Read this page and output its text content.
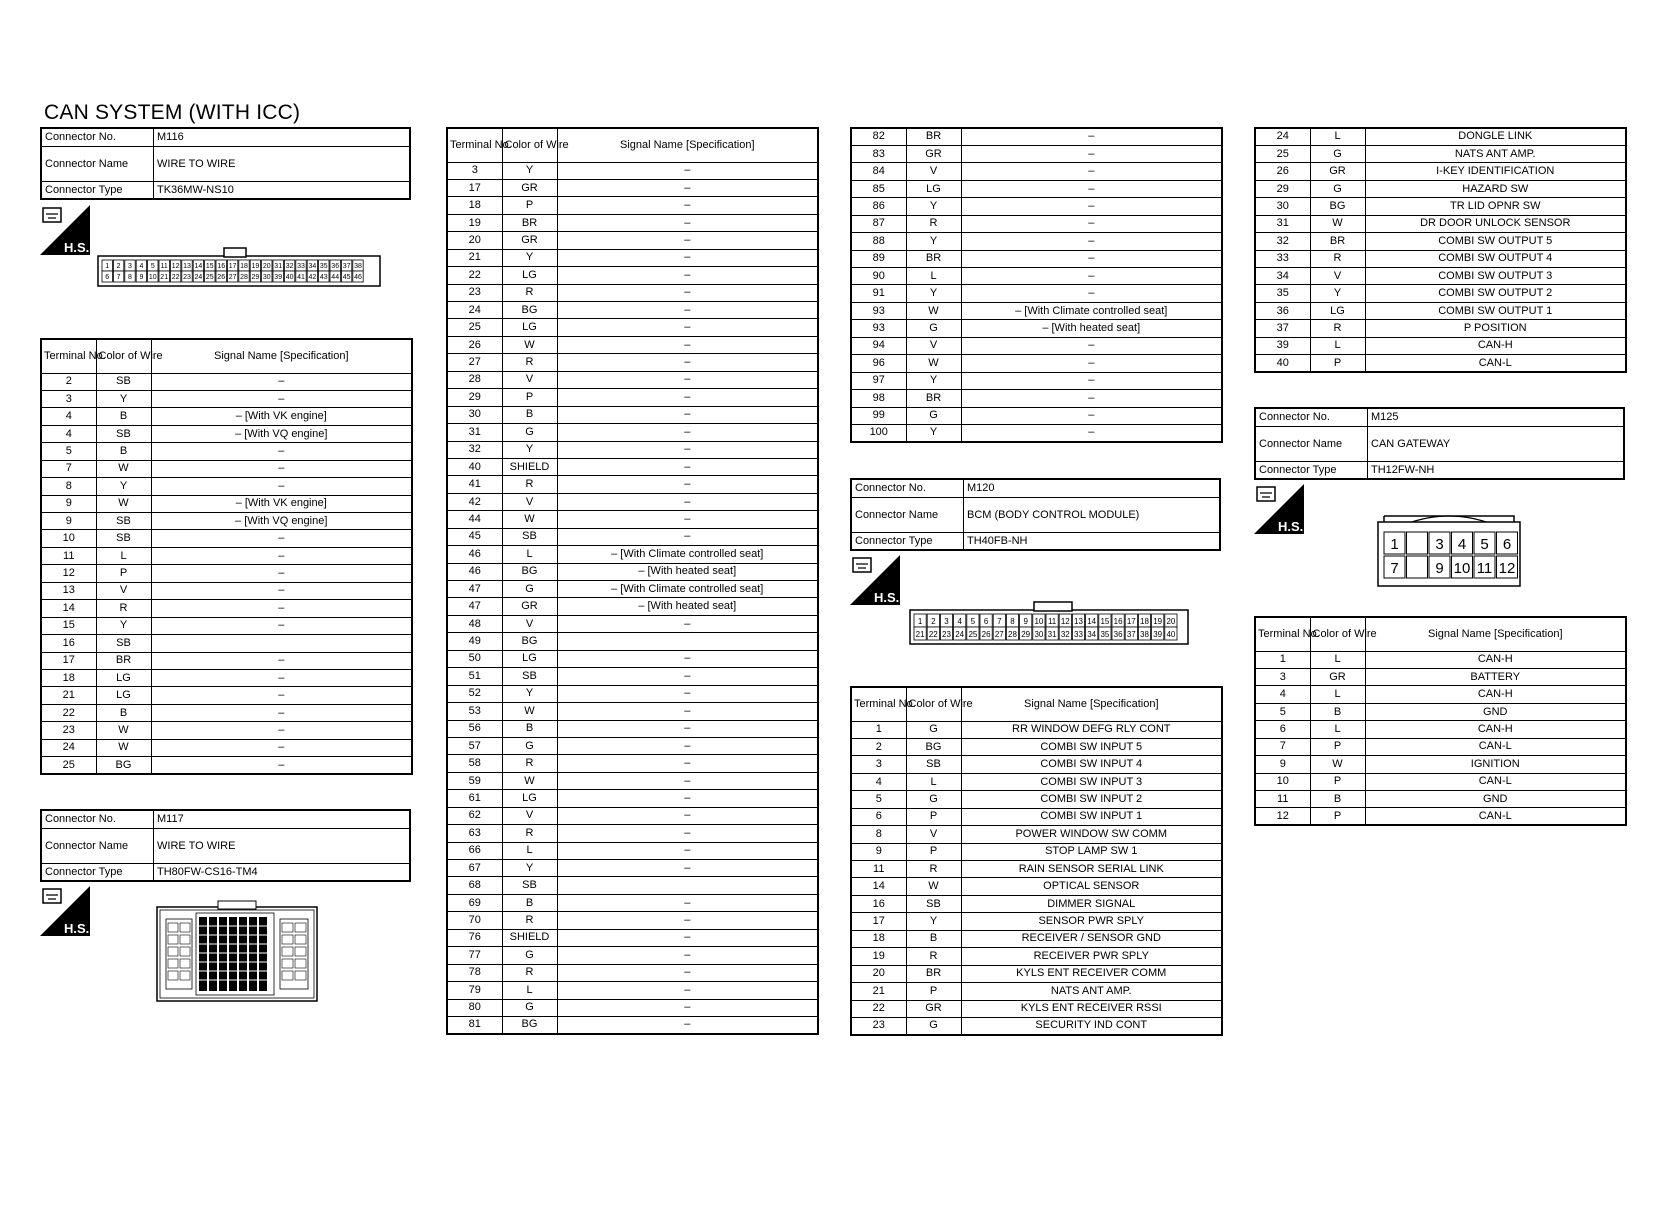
CAN SYSTEM (WITH ICC)
Connector No.	M116
Connector Name	WIRE TO WIRE
Connector Type	TK36MW-NS10
H.S.
1 2 3 4 5 11 12 13 14 15 16 17 18 19 20 31 32 33 34 35 36 37 38
6 7 8 9 10 21 22 23 24 25 26 27 28 29 30 39 40 41 42 43 44 45 46
Terminal No.	Color of Wire	Signal Name [Specification]
2	SB	–
3	Y	–
4	B	– [With VK engine]
4	SB	– [With VQ engine]
5	B	–
7	W	–
8	Y	–
9	W	– [With VK engine]
9	SB	– [With VQ engine]
10	SB	–
11	L	–
12	P	–
13	V	–
14	R	–
15	Y	–
16	SB	
17	BR	–
18	LG	–
21	LG	–
22	B	–
23	W	–
24	W	–
25	BG	–
Connector No.	M117
Connector Name	WIRE TO WIRE
Connector Type	TH80FW-CS16-TM4
H.S.
Terminal No.	Color of Wire	Signal Name [Specification]
3	Y	–
17	GR	–
18	P	–
19	BR	–
20	GR	–
21	Y	–
22	LG	–
23	R	–
24	BG	–
25	LG	–
26	W	–
27	R	–
28	V	–
29	P	–
30	B	–
31	G	–
32	Y	–
40	SHIELD	–
41	R	–
42	V	–
44	W	–
45	SB	–
46	L	– [With Climate controlled seat]
46	BG	– [With heated seat]
47	G	– [With Climate controlled seat]
47	GR	– [With heated seat]
48	V	–
49	BG	
50	LG	–
51	SB	–
52	Y	–
53	W	–
56	B	–
57	G	–
58	R	–
59	W	–
61	LG	–
62	V	–
63	R	–
66	L	–
67	Y	–
68	SB	
69	B	–
70	R	–
76	SHIELD	–
77	G	–
78	R	–
79	L	–
80	G	–
81	BG	–
82	BR	–
83	GR	–
84	V	–
85	LG	–
86	Y	–
87	R	–
88	Y	–
89	BR	–
90	L	–
91	Y	–
93	W	– [With Climate controlled seat]
93	G	– [With heated seat]
94	V	–
96	W	–
97	Y	–
98	BR	–
99	G	–
100	Y	–
Connector No.	M120
Connector Name	BCM (BODY CONTROL MODULE)
Connector Type	TH40FB-NH
H.S.
1 2 3 4 5 6 7 8 9 10 11 12 13 14 15 16 17 18 19 20
21 22 23 24 25 26 27 28 29 30 31 32 33 34 35 36 37 38 39 40
Terminal No.	Color of Wire	Signal Name [Specification]
1	G	RR WINDOW DEFG RLY CONT
2	BG	COMBI SW INPUT 5
3	SB	COMBI SW INPUT 4
4	L	COMBI SW INPUT 3
5	G	COMBI SW INPUT 2
6	P	COMBI SW INPUT 1
8	V	POWER WINDOW SW COMM
9	P	STOP LAMP SW 1
11	R	RAIN SENSOR SERIAL LINK
14	W	OPTICAL SENSOR
16	SB	DIMMER SIGNAL
17	Y	SENSOR PWR SPLY
18	B	RECEIVER / SENSOR GND
19	R	RECEIVER PWR SPLY
20	BR	KYLS ENT RECEIVER COMM
21	P	NATS ANT AMP.
22	GR	KYLS ENT RECEIVER RSSI
23	G	SECURITY IND CONT
24	L	DONGLE LINK
25	G	NATS ANT AMP.
26	GR	I-KEY IDENTIFICATION
29	G	HAZARD SW
30	BG	TR LID OPNR SW
31	W	DR DOOR UNLOCK SENSOR
32	BR	COMBI SW OUTPUT 5
33	R	COMBI SW OUTPUT 4
34	V	COMBI SW OUTPUT 3
35	Y	COMBI SW OUTPUT 2
36	LG	COMBI SW OUTPUT 1
37	R	P POSITION
39	L	CAN-H
40	P	CAN-L
Connector No.	M125
Connector Name	CAN GATEWAY
Connector Type	TH12FW-NH
H.S.
1 3 4 5 6
7 9 10 11 12
Terminal No.	Color of Wire	Signal Name [Specification]
1	L	CAN-H
3	GR	BATTERY
4	L	CAN-H
5	B	GND
6	L	CAN-H
7	P	CAN-L
9	W	IGNITION
10	P	CAN-L
11	B	GND
12	P	CAN-L
